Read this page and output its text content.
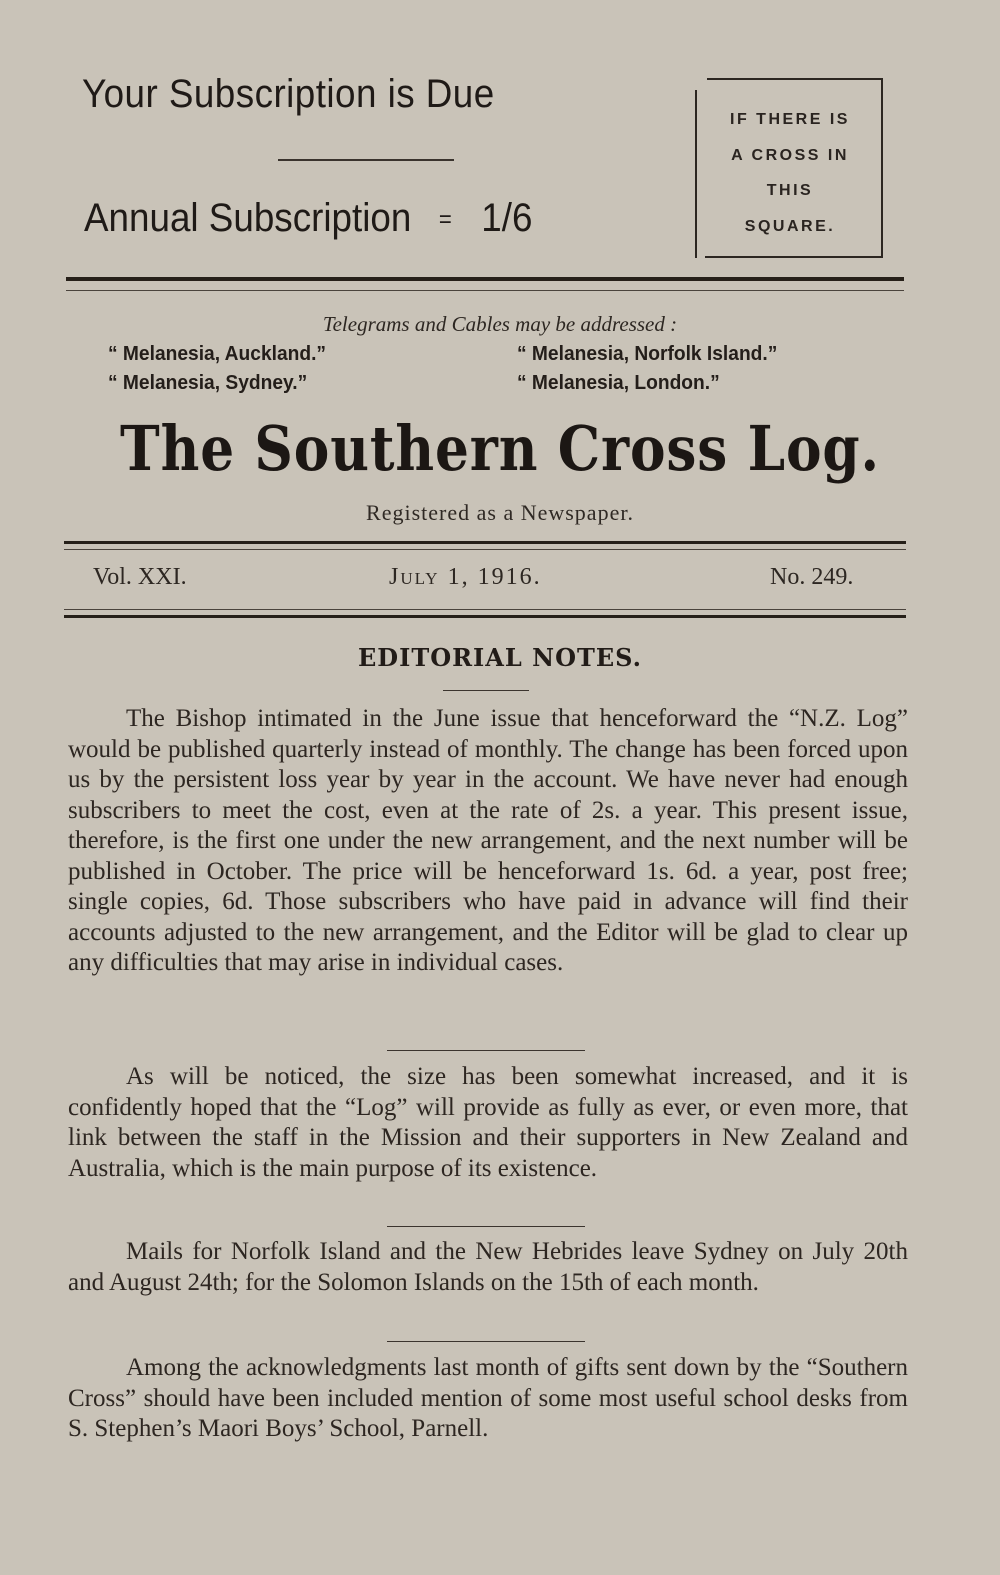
Your Subscription is Due
Annual Subscription = 1/6
IF THERE IS
A CROSS IN
THIS
SQUARE.
Telegrams and Cables may be addressed :
“ Melanesia, Auckland.”	“ Melanesia, Norfolk Island.”
“ Melanesia, Sydney.”	“ Melanesia, London.”
The Southern Cross Log.
Registered as a Newspaper.
Vol. XXI.	July 1, 1916.	No. 249.
EDITORIAL NOTES.
The Bishop intimated in the June issue that henceforward the “N.Z. Log” would be published quarterly instead of monthly. The change has been forced upon us by the persistent loss year by year in the account. We have never had enough subscribers to meet the cost, even at the rate of 2s. a year. This present issue, therefore, is the first one under the new arrangement, and the next number will be published in October. The price will be henceforward 1s. 6d. a year, post free; single copies, 6d. Those subscribers who have paid in advance will find their accounts adjusted to the new arrangement, and the Editor will be glad to clear up any difficulties that may arise in individual cases.
As will be noticed, the size has been somewhat increased, and it is confidently hoped that the “Log” will provide as fully as ever, or even more, that link between the staff in the Mission and their supporters in New Zealand and Australia, which is the main purpose of its existence.
Mails for Norfolk Island and the New Hebrides leave Sydney on July 20th and August 24th; for the Solomon Islands on the 15th of each month.
Among the acknowledgments last month of gifts sent down by the “Southern Cross” should have been included mention of some most useful school desks from S. Stephen’s Maori Boys’ School, Parnell.
